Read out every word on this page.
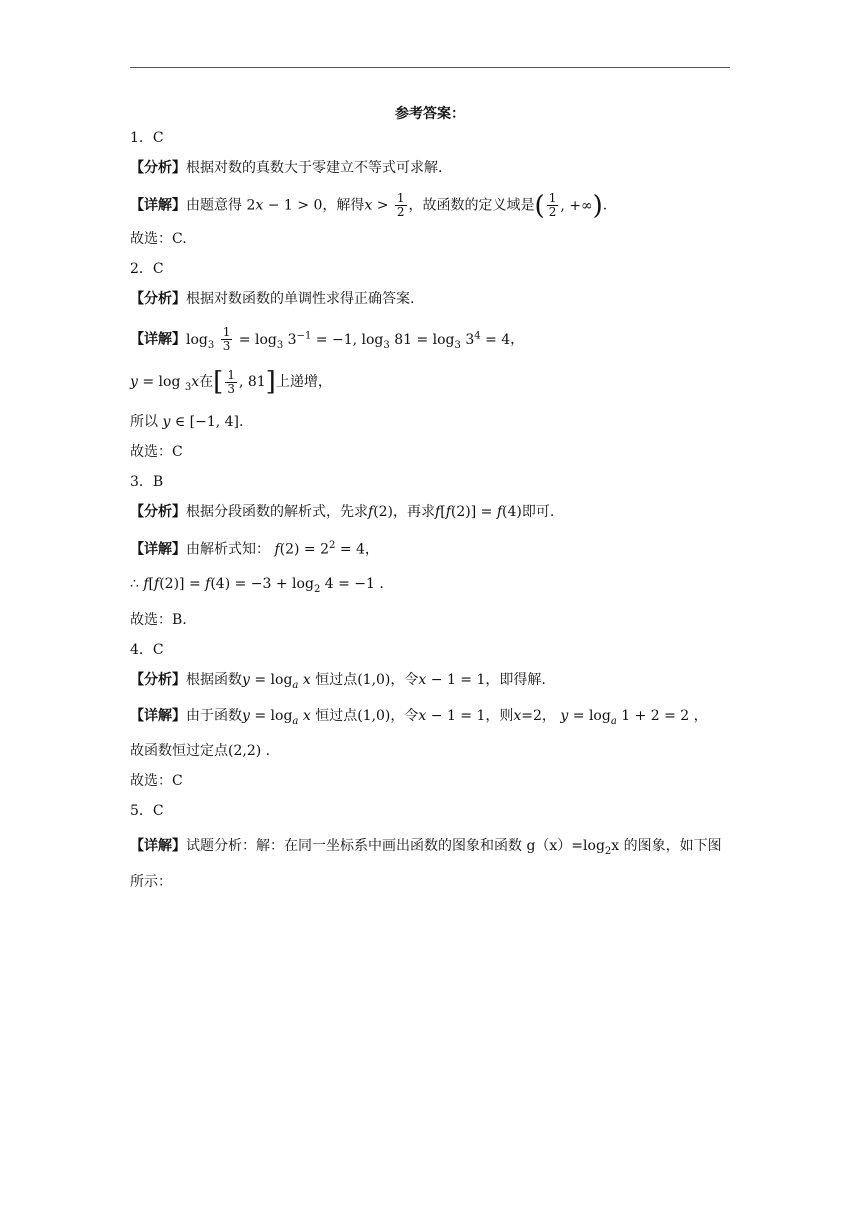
参考答案：

1．C

【分析】根据对数的真数大于零建立不等式可求解.

【详解】由题意得 2x − 1 > 0，解得$x > \frac{1}{2}$ ，故函数的定义域是( $\frac{1}{2}$ , +∞).

故选：C.

2．C

【分析】根据对数函数的单调性求得正确答案.

【详解】$\log_3 \frac{1}{3} = \log_3 3^{-1} = -1$, $\log_3 81 = \log_3 3^4 = 4$，

y = log $_3$x在[ $\frac{1}{3}$ , 81]上递增，

所以 y ∈ [−1, 4].

故选：C

3．B

【分析】根据分段函数的解析式，先求f(2)，再求f[f(2)] = f(4)即可.

【详解】由解析式知： $f(2) = 2^2 = 4$，

∴ $f[f(2)] = f(4) = -3 + \log_2 4 = -1$ .

故选：B.

4．C

【分析】根据函数$y = \log_a x$ 恒过点(1,0)，令x − 1 = 1，即得解.

【详解】由于函数$y = \log_a x$ 恒过点(1,0)，令x − 1 = 1，则x=2， $y = \log_a 1 + 2 = 2$ ，

故函数恒过定点(2,2) .

故选：C

5．C

【详解】试题分析：解：在同一坐标系中画出函数的图象和函数 $g(x)=\log_2x$ 的图象，如下图所示：
